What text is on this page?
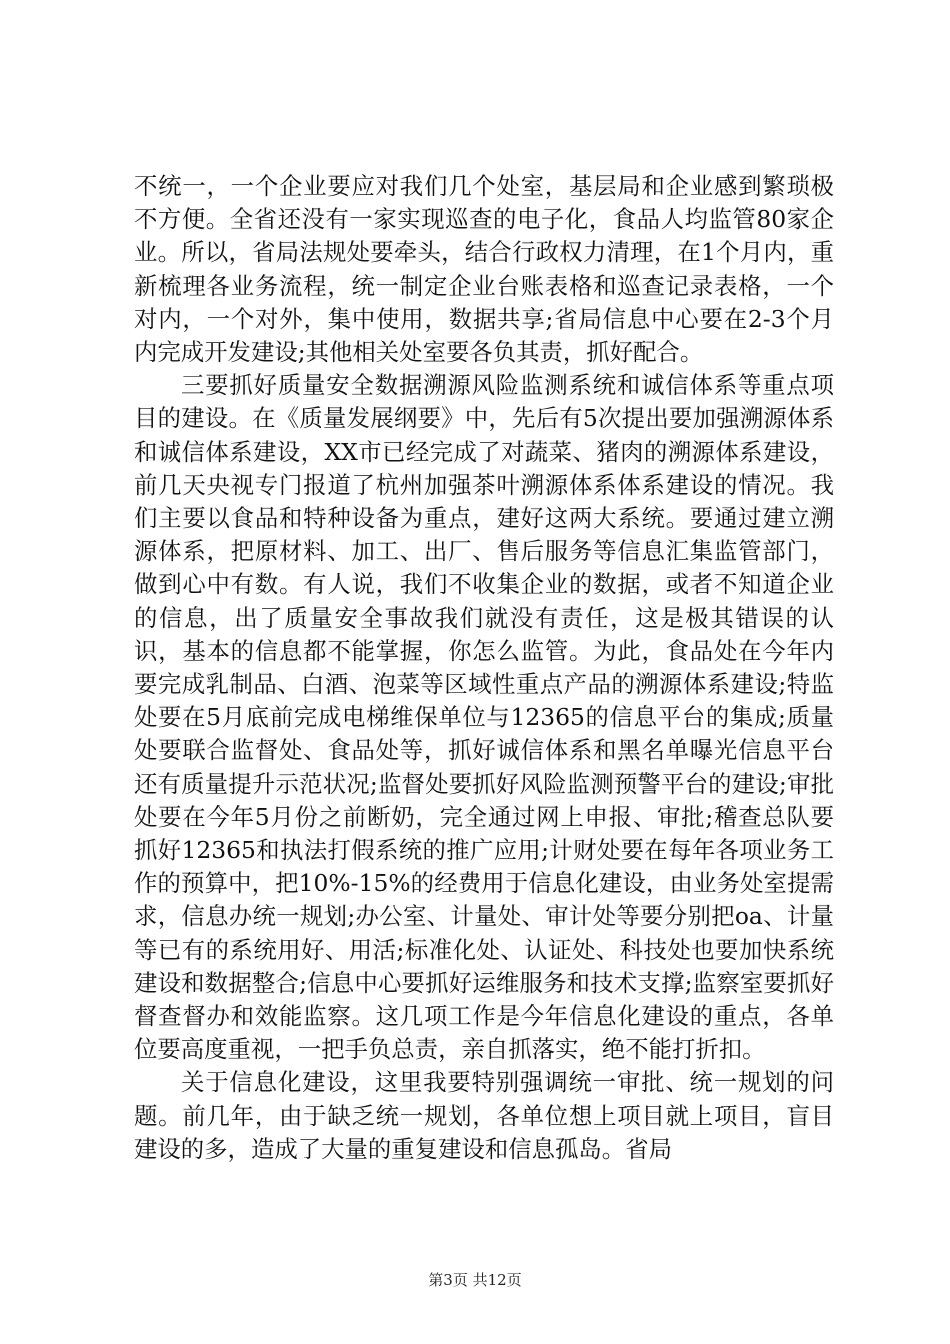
不统一，一个企业要应对我们几个处室，基层局和企业感到繁琐极不方便。全省还没有一家实现巡查的电子化，食品人均监管80家企业。所以，省局法规处要牵头，结合行政权力清理，在1个月内，重新梳理各业务流程，统一制定企业台账表格和巡查记录表格，一个对内，一个对外，集中使用，数据共享;省局信息中心要在2-3个月内完成开发建设;其他相关处室要各负其责，抓好配合。

三要抓好质量安全数据溯源风险监测系统和诚信体系等重点项目的建设。在《质量发展纲要》中，先后有5次提出要加强溯源体系和诚信体系建设，XX市已经完成了对蔬菜、猪肉的溯源体系建设，前几天央视专门报道了杭州加强茶叶溯源体系体系建设的情况。我们主要以食品和特种设备为重点，建好这两大系统。要通过建立溯源体系，把原材料、加工、出厂、售后服务等信息汇集监管部门，做到心中有数。有人说，我们不收集企业的数据，或者不知道企业的信息，出了质量安全事故我们就没有责任，这是极其错误的认识，基本的信息都不能掌握，你怎么监管。为此，食品处在今年内要完成乳制品、白酒、泡菜等区域性重点产品的溯源体系建设;特监处要在5月底前完成电梯维保单位与12365的信息平台的集成;质量处要联合监督处、食品处等，抓好诚信体系和黑名单曝光信息平台还有质量提升示范状况;监督处要抓好风险监测预警平台的建设;审批处要在今年5月份之前断奶，完全通过网上申报、审批;稽查总队要抓好12365和执法打假系统的推广应用;计财处要在每年各项业务工作的预算中，把10%-15%的经费用于信息化建设，由业务处室提需求，信息办统一规划;办公室、计量处、审计处等要分别把oa、计量等已有的系统用好、用活;标准化处、认证处、科技处也要加快系统建设和数据整合;信息中心要抓好运维服务和技术支撑;监察室要抓好督查督办和效能监察。这几项工作是今年信息化建设的重点，各单位要高度重视，一把手负总责，亲自抓落实，绝不能打折扣。

关于信息化建设，这里我要特别强调统一审批、统一规划的问题。前几年，由于缺乏统一规划，各单位想上项目就上项目，盲目建设的多，造成了大量的重复建设和信息孤岛。省局

第3页 共12页
